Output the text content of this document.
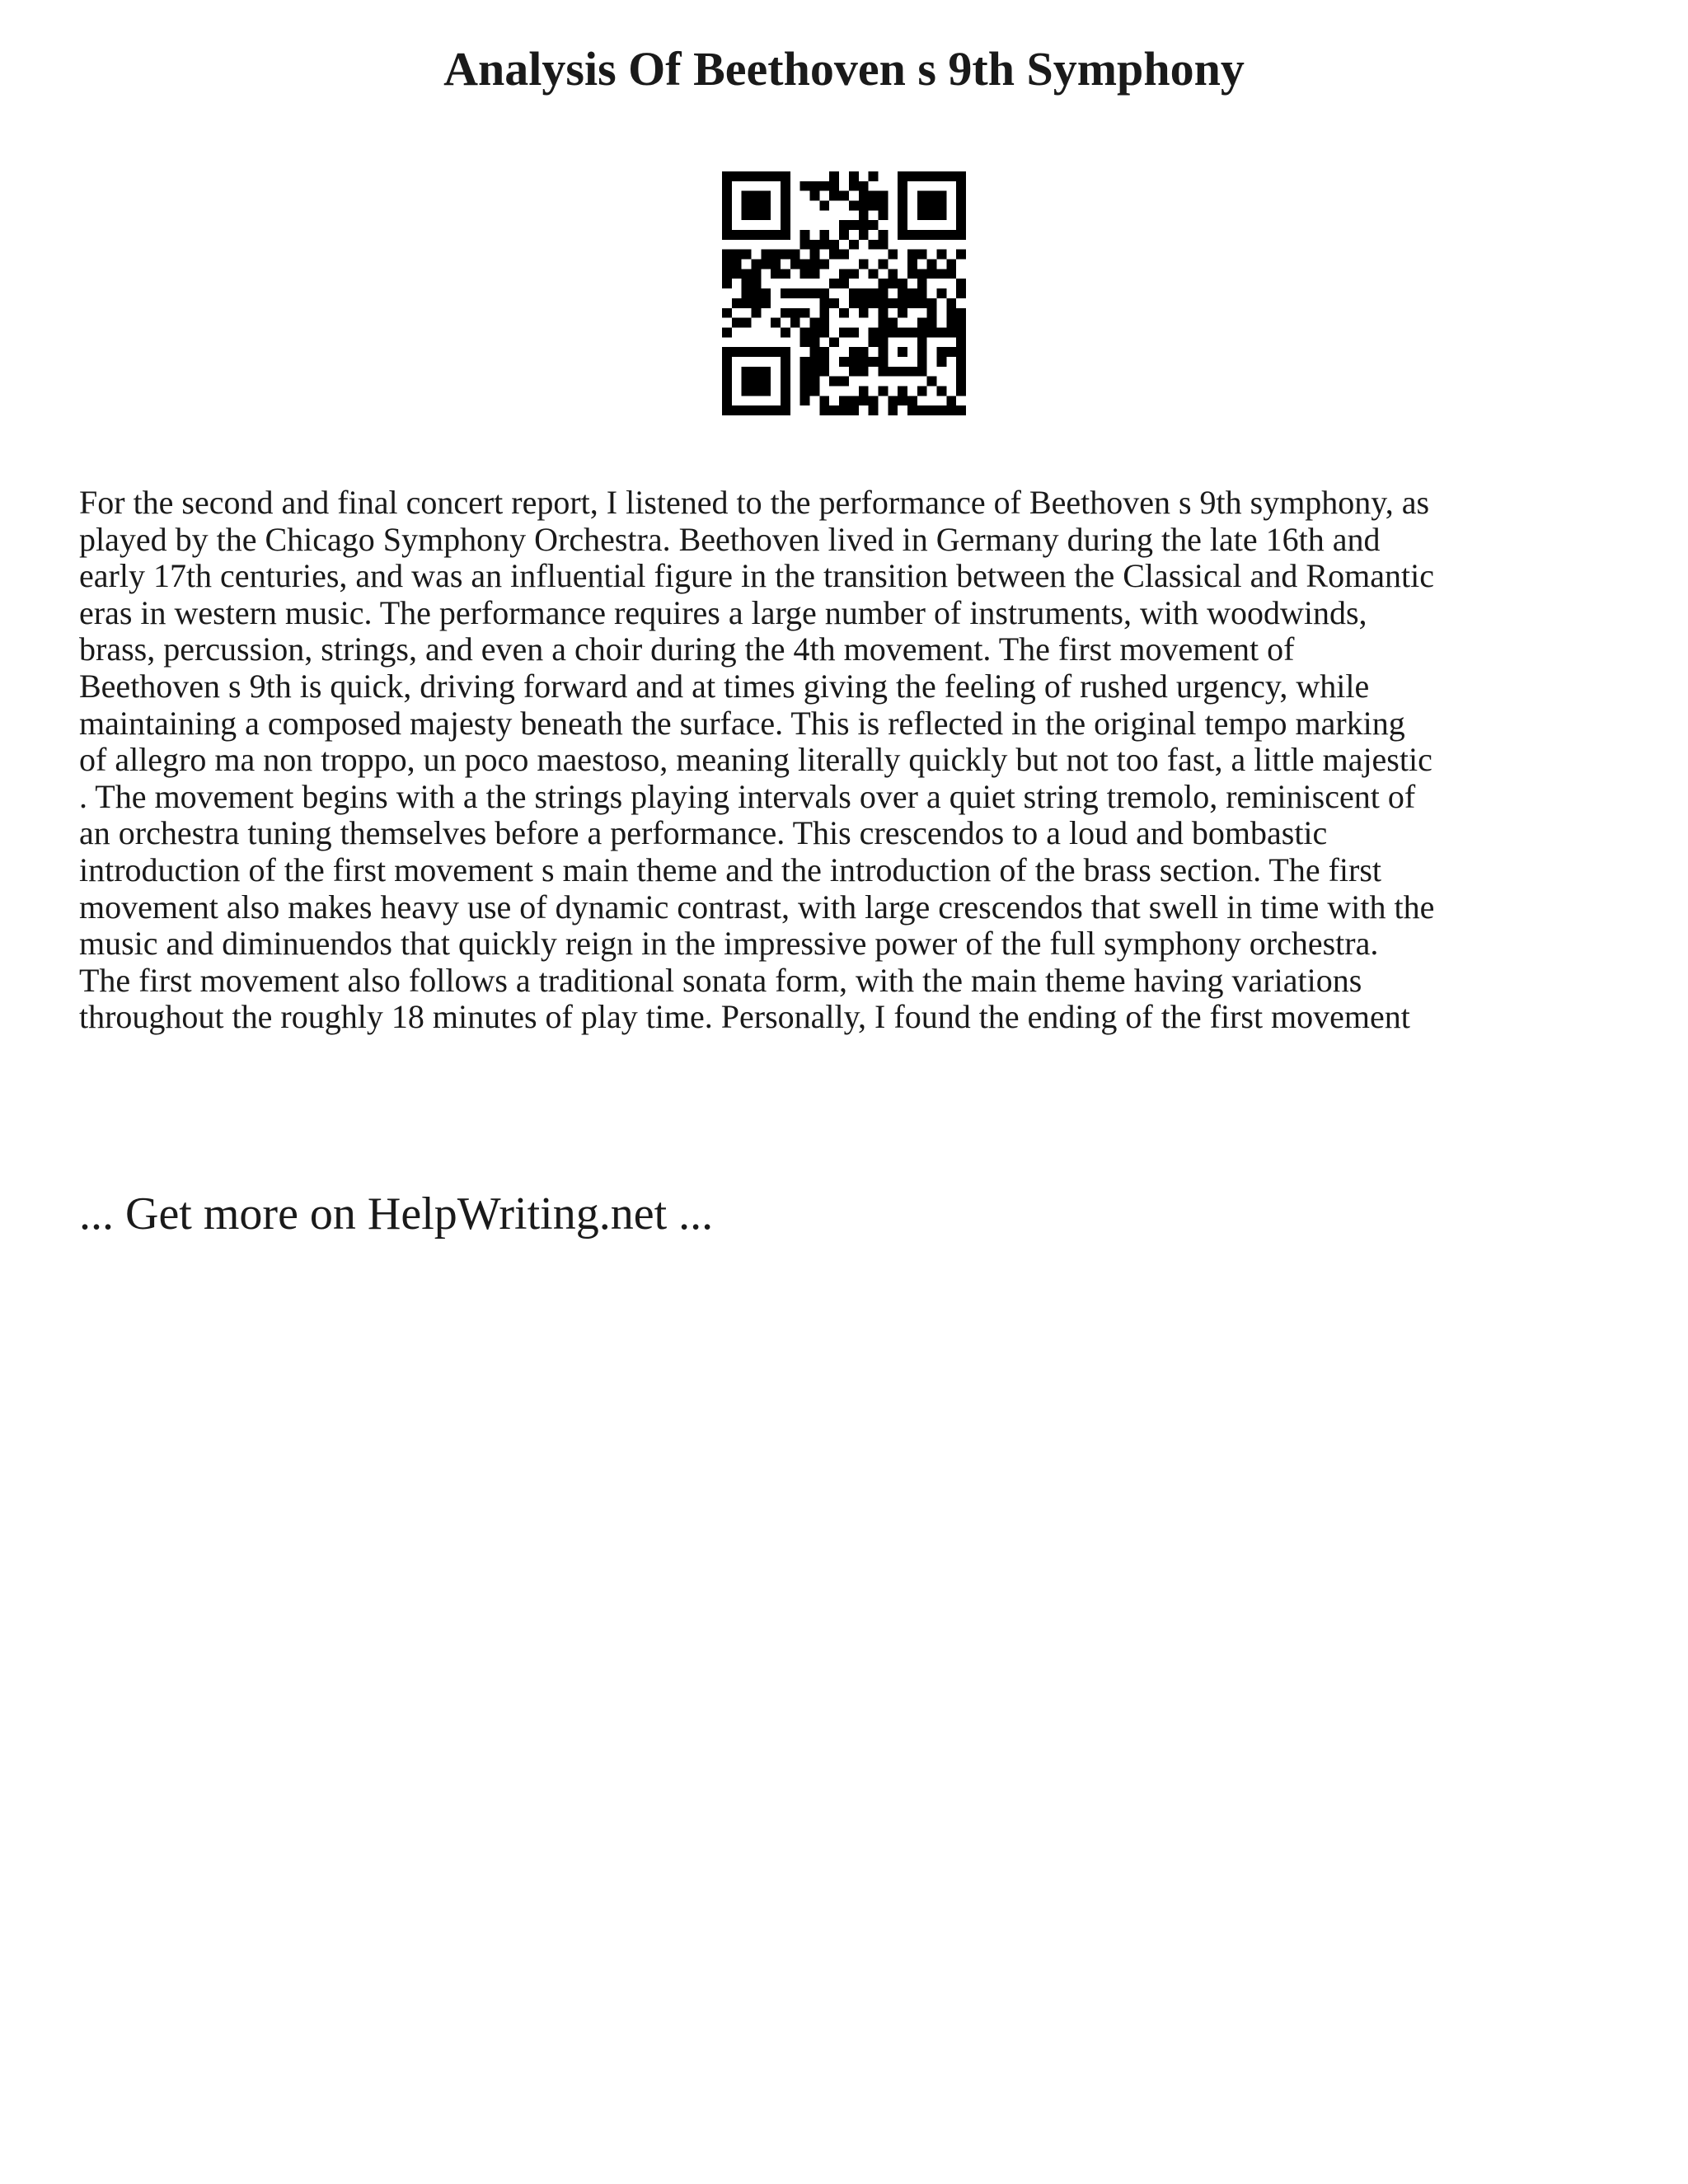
Analysis Of Beethoven s 9th Symphony

For the second and final concert report, I listened to the performance of Beethoven s 9th symphony, as
played by the Chicago Symphony Orchestra. Beethoven lived in Germany during the late 16th and
early 17th centuries, and was an influential figure in the transition between the Classical and Romantic
eras in western music. The performance requires a large number of instruments, with woodwinds,
brass, percussion, strings, and even a choir during the 4th movement. The first movement of
Beethoven s 9th is quick, driving forward and at times giving the feeling of rushed urgency, while
maintaining a composed majesty beneath the surface. This is reflected in the original tempo marking
of allegro ma non troppo, un poco maestoso, meaning literally quickly but not too fast, a little majestic
. The movement begins with a the strings playing intervals over a quiet string tremolo, reminiscent of
an orchestra tuning themselves before a performance. This crescendos to a loud and bombastic
introduction of the first movement s main theme and the introduction of the brass section. The first
movement also makes heavy use of dynamic contrast, with large crescendos that swell in time with the
music and diminuendos that quickly reign in the impressive power of the full symphony orchestra.
The first movement also follows a traditional sonata form, with the main theme having variations
throughout the roughly 18 minutes of play time. Personally, I found the ending of the first movement

... Get more on HelpWriting.net ...
